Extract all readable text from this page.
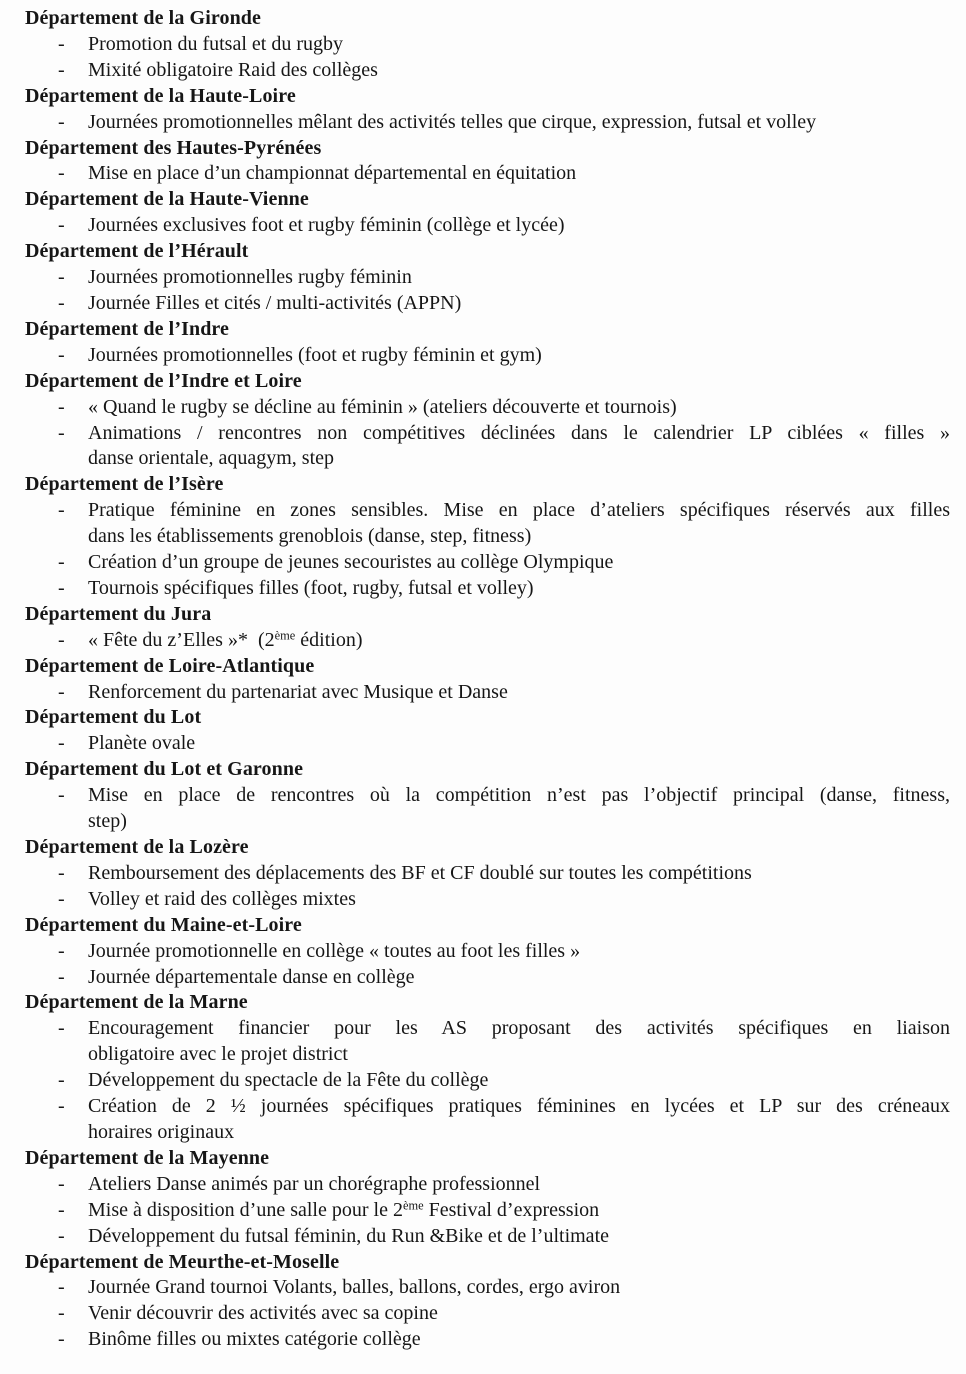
Département de la Gironde
- Promotion du futsal et du rugby
- Mixité obligatoire Raid des collèges
Département de la Haute-Loire
- Journées promotionnelles mêlant des activités telles que cirque, expression, futsal et volley
Département des Hautes-Pyrénées
- Mise en place d’un championnat départemental en équitation
Département de la Haute-Vienne
- Journées exclusives foot et rugby féminin (collège et lycée)
Département de l’Hérault
- Journées promotionnelles rugby féminin
- Journée Filles et cités / multi-activités (APPN)
Département de l’Indre
- Journées promotionnelles (foot et rugby féminin et gym)
Département de l’Indre et Loire
- « Quand le rugby se décline au féminin » (ateliers découverte et tournois)
- Animations / rencontres non compétitives déclinées dans le calendrier LP ciblées « filles »
danse orientale, aquagym, step
Département de l’Isère
- Pratique féminine en zones sensibles. Mise en place d’ateliers spécifiques réservés aux filles
dans les établissements grenoblois (danse, step, fitness)
- Création d’un groupe de jeunes secouristes au collège Olympique
- Tournois spécifiques filles (foot, rugby, futsal et volley)
Département du Jura
- « Fête du z’Elles »*  (2ème édition)
Département de Loire-Atlantique
- Renforcement du partenariat avec Musique et Danse
Département du Lot
- Planète ovale
Département du Lot et Garonne
- Mise en place de rencontres où la compétition n’est pas l’objectif principal (danse, fitness,
step)
Département de la Lozère
- Remboursement des déplacements des BF et CF doublé sur toutes les compétitions
- Volley et raid des collèges mixtes
Département du Maine-et-Loire
- Journée promotionnelle en collège « toutes au foot les filles »
- Journée départementale danse en collège
Département de la Marne
- Encouragement financier pour les AS proposant des activités spécifiques en liaison
obligatoire avec le projet district
- Développement du spectacle de la Fête du collège
- Création de 2 ½ journées spécifiques pratiques féminines en lycées et LP sur des créneaux
horaires originaux
Département de la Mayenne
- Ateliers Danse animés par un chorégraphe professionnel
- Mise à disposition d’une salle pour le 2ème Festival d’expression
- Développement du futsal féminin, du Run &Bike et de l’ultimate
Département de Meurthe-et-Moselle
- Journée Grand tournoi Volants, balles, ballons, cordes, ergo aviron
- Venir découvrir des activités avec sa copine
- Binôme filles ou mixtes catégorie collège
